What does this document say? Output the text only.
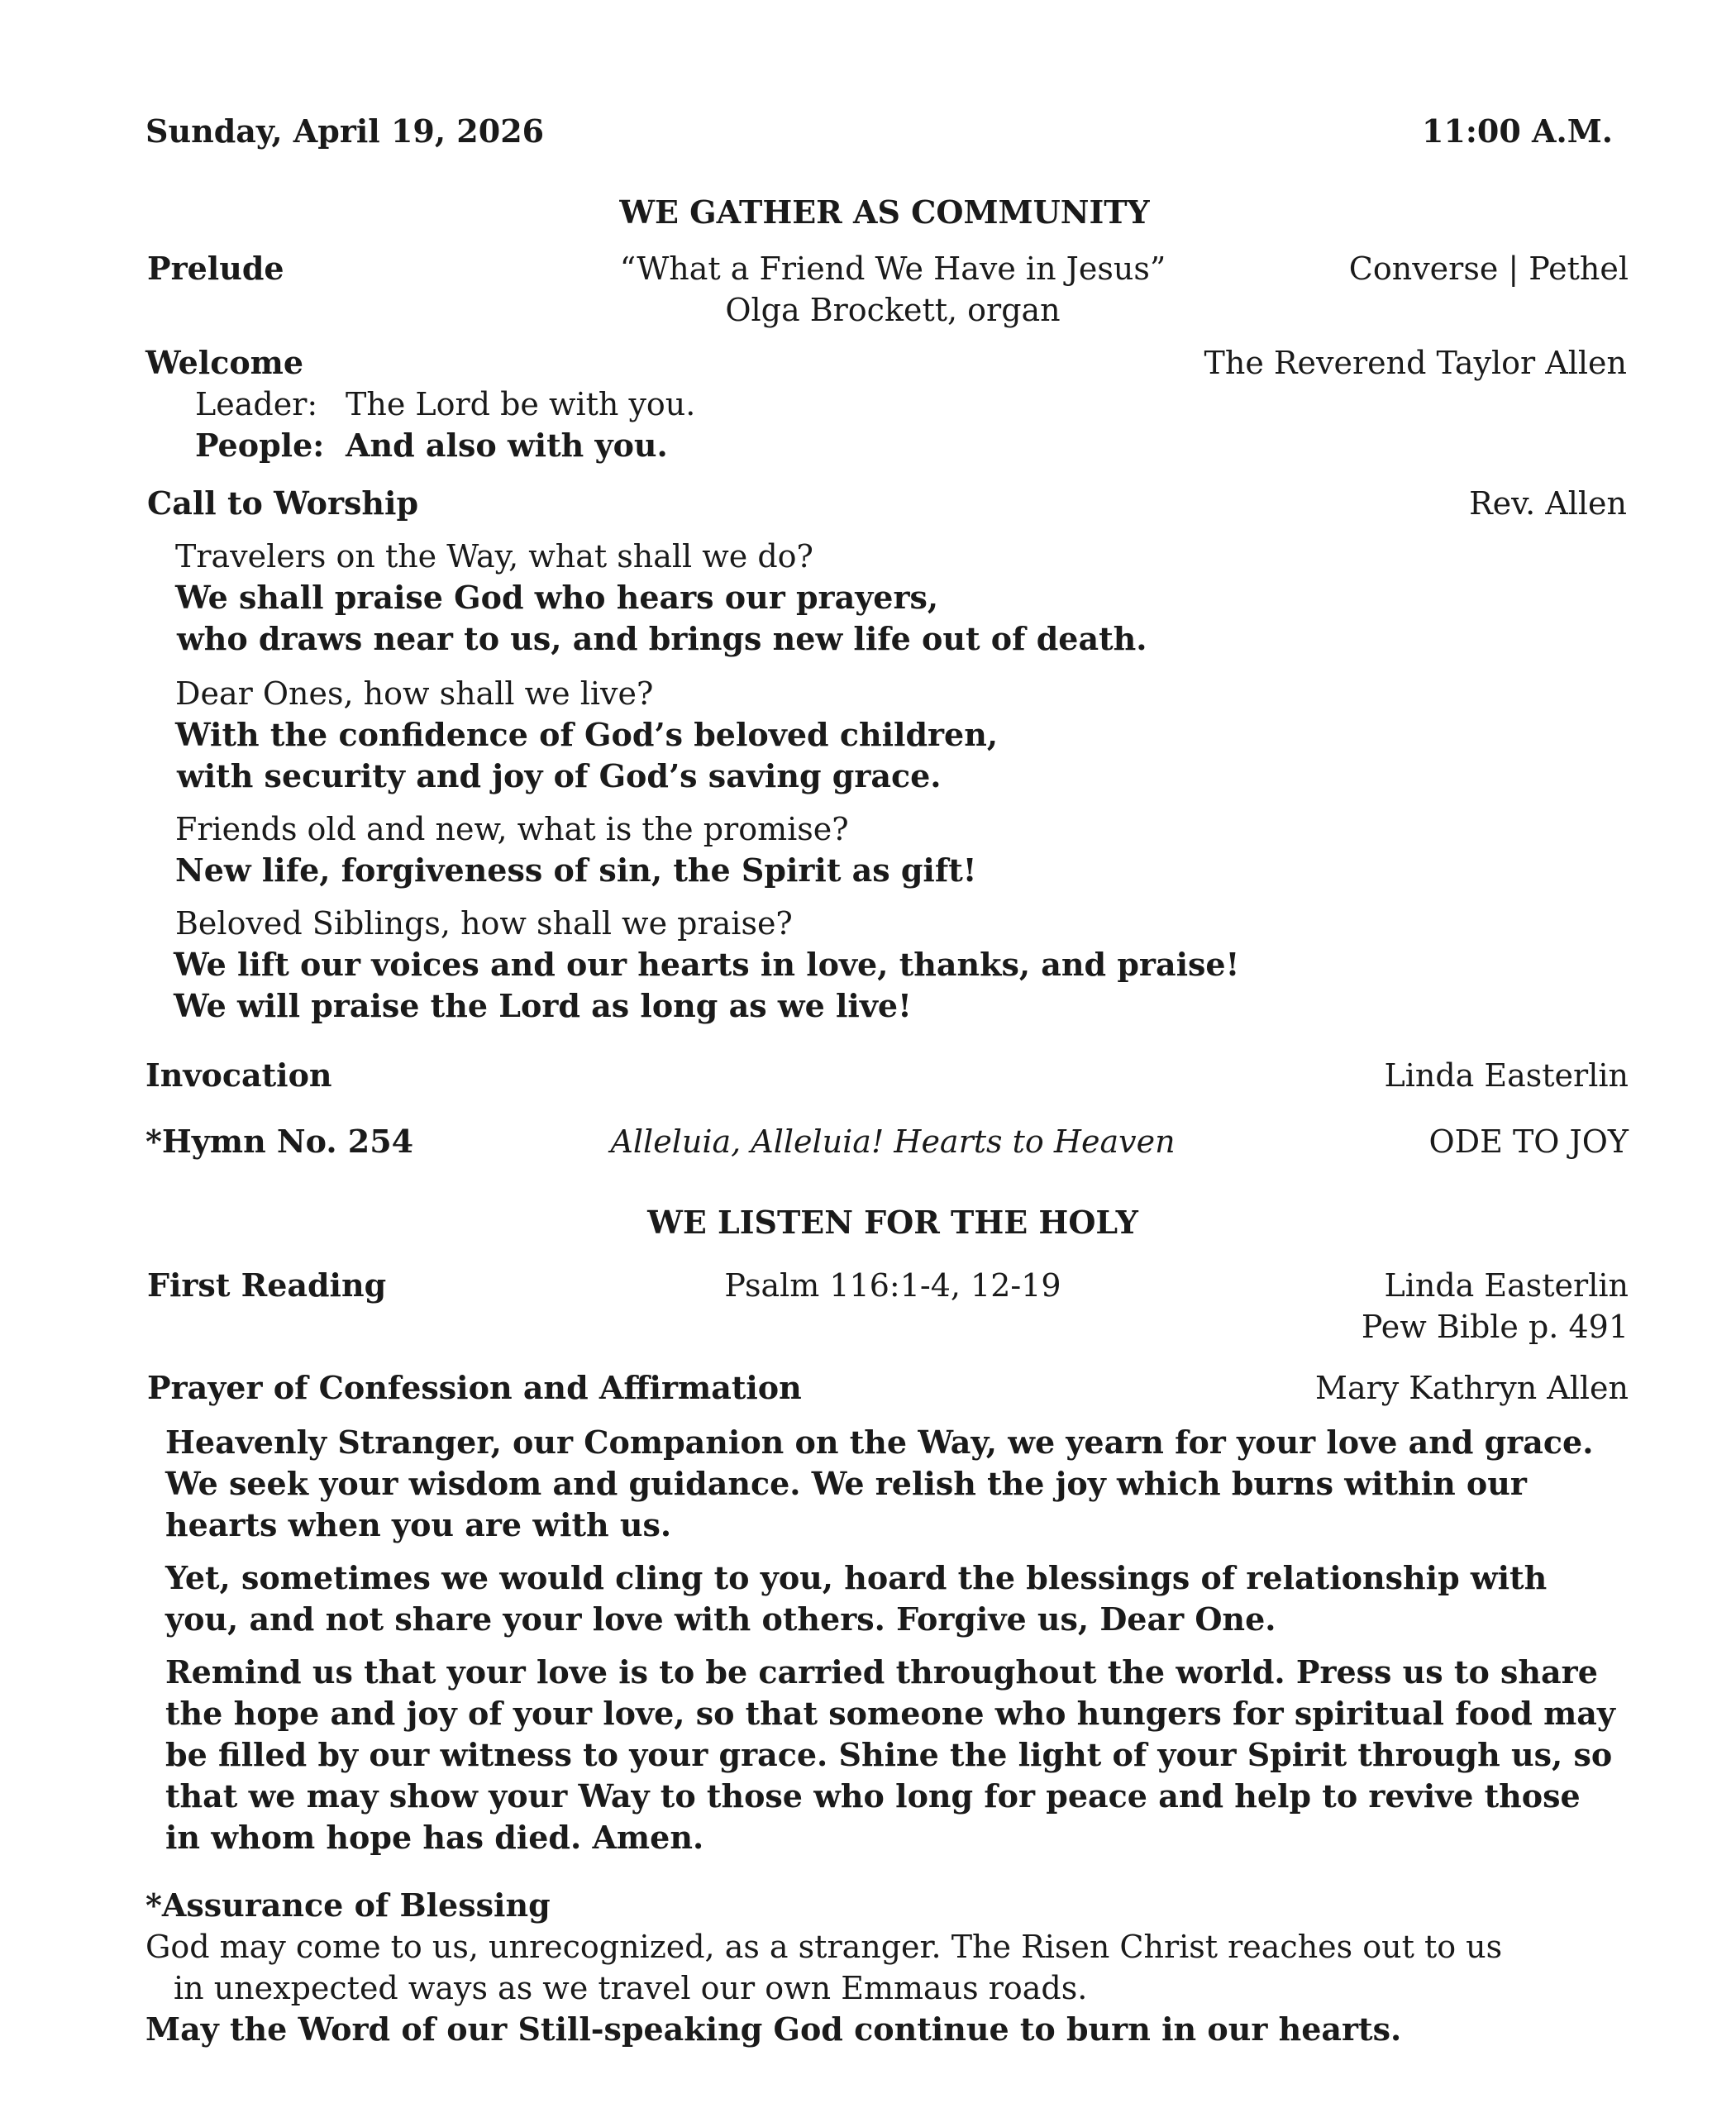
Sunday, April 19, 2026	11:00 A.M.
WE GATHER AS COMMUNITY
Prelude	“What a Friend We Have in Jesus”	Converse | Pethel
Olga Brockett, organ
Welcome	The Reverend Taylor Allen
Leader: The Lord be with you.
People: And also with you.
Call to Worship	Rev. Allen
Travelers on the Way, what shall we do?
We shall praise God who hears our prayers,
who draws near to us, and brings new life out of death.
Dear Ones, how shall we live?
With the confidence of God’s beloved children,
with security and joy of God’s saving grace.
Friends old and new, what is the promise?
New life, forgiveness of sin, the Spirit as gift!
Beloved Siblings, how shall we praise?
We lift our voices and our hearts in love, thanks, and praise!
We will praise the Lord as long as we live!
Invocation	Linda Easterlin
*Hymn No. 254	Alleluia, Alleluia! Hearts to Heaven	ODE TO JOY
WE LISTEN FOR THE HOLY
First Reading	Psalm 116:1-4, 12-19	Linda Easterlin
Pew Bible p. 491
Prayer of Confession and Affirmation	Mary Kathryn Allen
Heavenly Stranger, our Companion on the Way, we yearn for your love and grace. We seek your wisdom and guidance. We relish the joy which burns within our hearts when you are with us.
Yet, sometimes we would cling to you, hoard the blessings of relationship with you, and not share your love with others. Forgive us, Dear One.
Remind us that your love is to be carried throughout the world. Press us to share the hope and joy of your love, so that someone who hungers for spiritual food may be filled by our witness to your grace. Shine the light of your Spirit through us, so that we may show your Way to those who long for peace and help to revive those in whom hope has died. Amen.
*Assurance of Blessing
God may come to us, unrecognized, as a stranger. The Risen Christ reaches out to us
in unexpected ways as we travel our own Emmaus roads.
May the Word of our Still-speaking God continue to burn in our hearts.
